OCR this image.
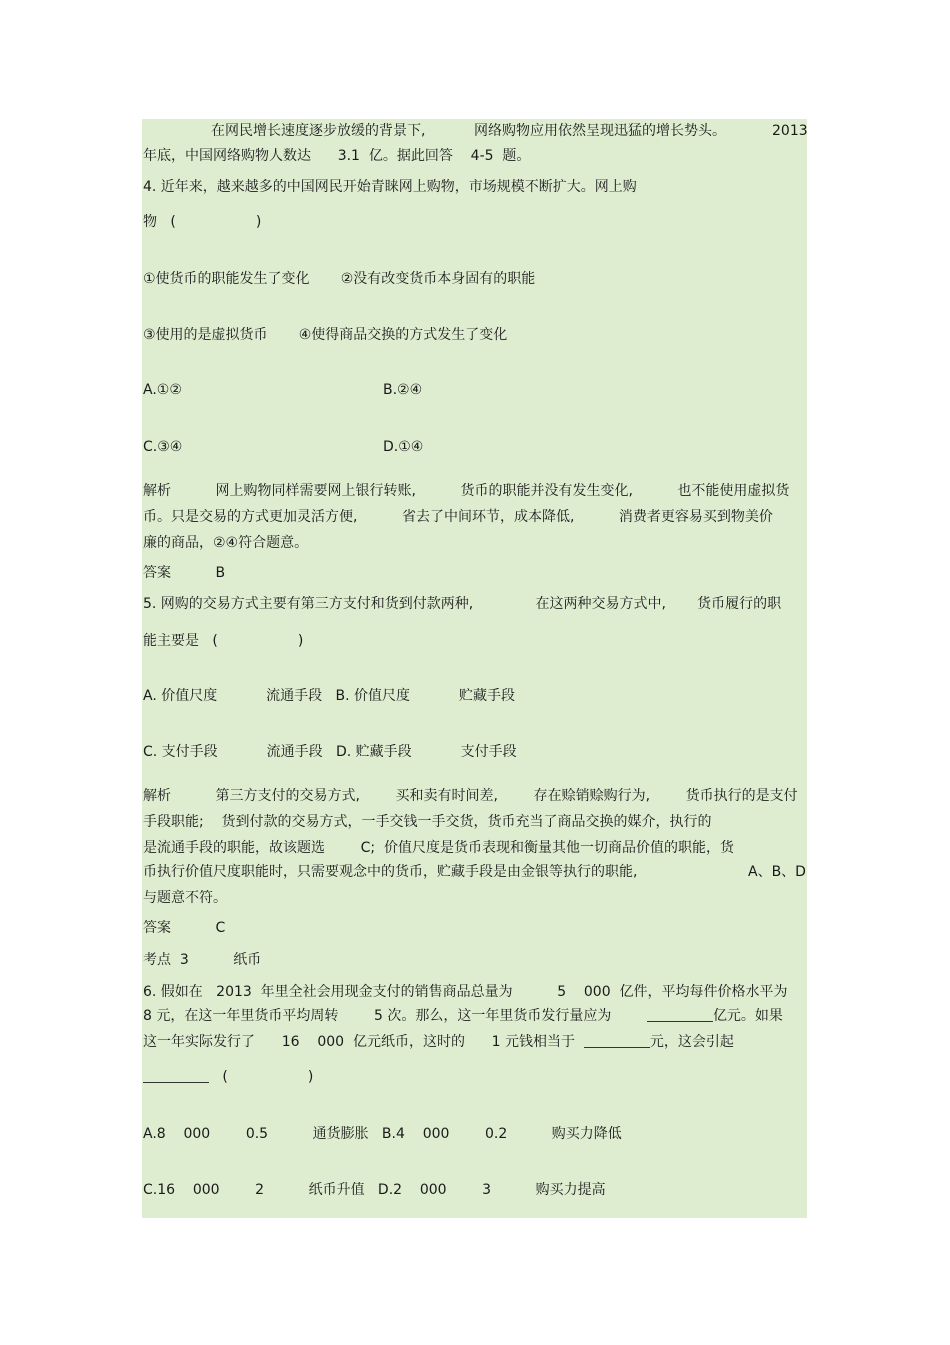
在网民增长速度逐步放缓的背景下,	网络购物应用依然呈现迅猛的增长势头。	2013
年底，中国网络购物人数达      3.1  亿。据此回答    4-5  题。
4. 近年来，越来越多的中国网民开始青睐网上购物，市场规模不断扩大。网上购
物   (                  )
①使货币的职能发生了变化       ②没有改变货币本身固有的职能
③使用的是虚拟货币       ④使得商品交换的方式发生了变化
A.①②	B.②④
C.③④	D.①④
解析          网上购物同样需要网上银行转账,          货币的职能并没有发生变化,          也不能使用虚拟货
币。只是交易的方式更加灵活方便,          省去了中间环节，成本降低,          消费者更容易买到物美价
廉的商品，②④符合题意。
答案          B
5. 网购的交易方式主要有第三方支付和货到付款两种,              在这两种交易方式中,       货币履行的职
能主要是   (                  )
A. 价值尺度           流通手段   B. 价值尺度           贮藏手段
C. 支付手段           流通手段   D. 贮藏手段           支付手段
解析          第三方支付的交易方式,        买和卖有时间差,        存在赊销赊购行为,        货币执行的是支付
手段职能;    货到付款的交易方式，一手交钱一手交货，货币充当了商品交换的媒介，执行的
是流通手段的职能，故该题选        C;  价值尺度是货币表现和衡量其他一切商品价值的职能，货
币执行价值尺度职能时，只需要观念中的货币，贮藏手段是由金银等执行的职能,	A、B、D
与题意不符。
答案          C
考点  3          纸币
6. 假如在   2013  年里全社会用现金支付的销售商品总量为          5    000  亿件，平均每件价格水平为
8 元，在这一年里货币平均周转        5 次。那么，这一年里货币发行量应为	亿元。如果
这一年实际发行了      16    000  亿元纸币，这时的      1 元钱相当于	元，这会引起
(                  )
A.8    000        0.5          通货膨胀   B.4    000        0.2          购买力降低
C.16    000        2          纸币升值   D.2    000        3          购买力提高
